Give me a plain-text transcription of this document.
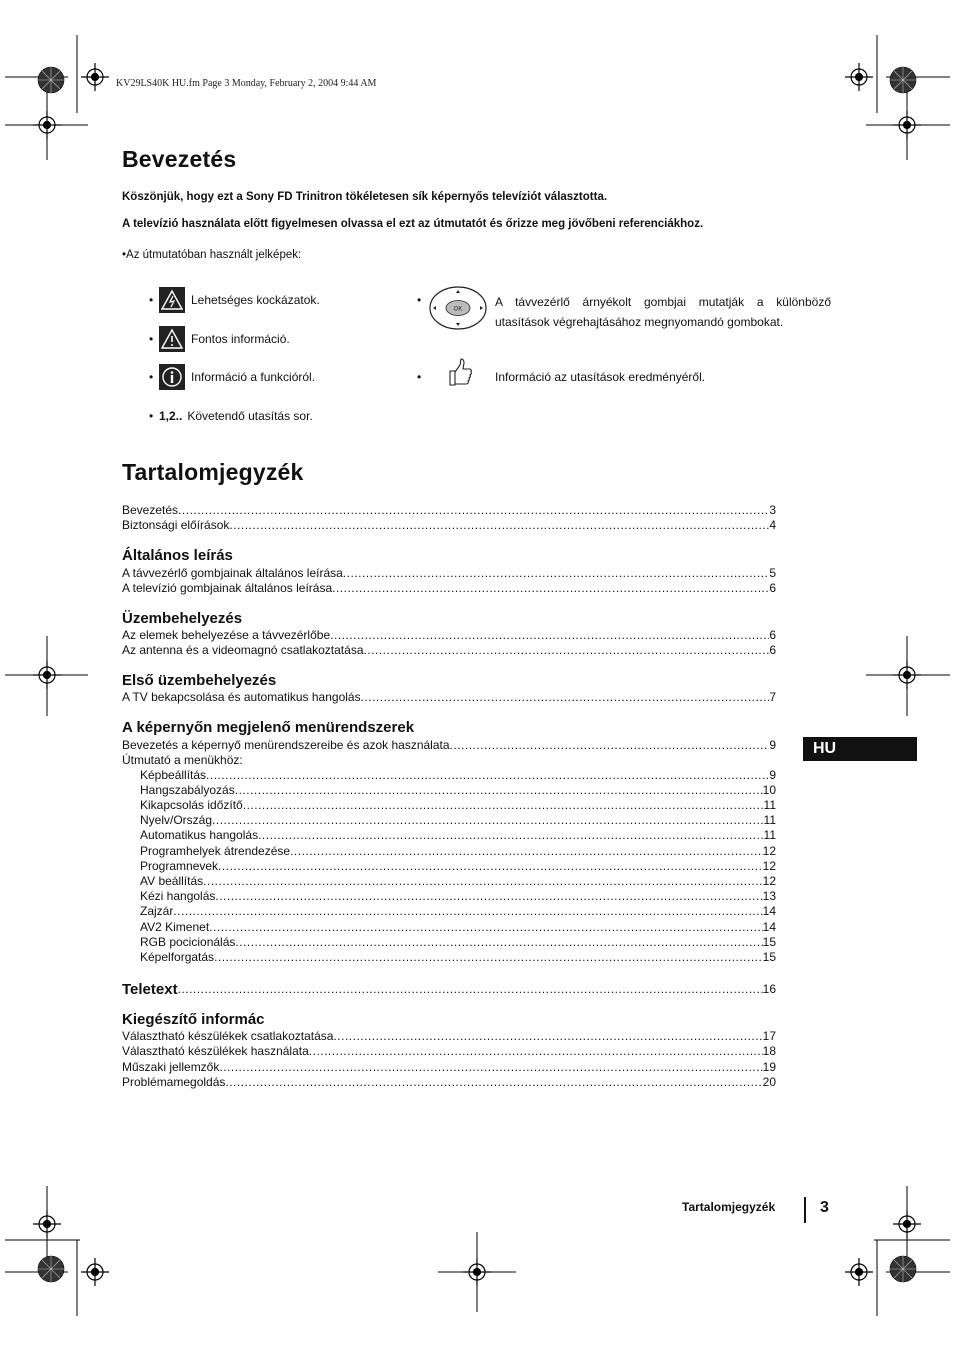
KV29LS40K HU.fm Page 3 Monday, February 2, 2004 9:44 AM
Bevezetés
Köszönjük, hogy ezt a Sony FD Trinitron tökéletesen sík képernyős televíziót választotta.
A televízió használata előtt figyelmesen olvassa el ezt az útmutatót és őrizze meg jövőbeni referenciákhoz.
•Az útmutatóban használt jelképek:
•	Lehetséges kockázatok.
•	Fontos információ.
•	Információ a funkcióról.
• 1,2.. Követendő utasítás sor.
•
OK
A távvezérlő árnyékolt gombjai mutatják a különböző utasítások végrehajtásához megnyomandó gombokat.
•	Információ az utasítások eredményéről.
Tartalomjegyzék
Bevezetés .....	3
Biztonsági előírások .....	4
Általános leírás
A távvezérlő gombjainak általános leírása .....	5
A televízió gombjainak általános leírása .....	6
Üzembehelyezés
Az elemek behelyezése a távvezérlőbe .....	6
Az antenna és a videomagnó csatlakoztatása .....	6
Első üzembehelyezés
A TV bekapcsolása és automatikus hangolás .....	7
A képernyőn megjelenő menürendszerek
Bevezetés a képernyő menürendszereibe és azok használata .....	9
Útmutató a menükhöz:
Képbeállítás .....	9
Hangszabályozás .....	10
Kikapcsolás időzítő .....	11
Nyelv/Ország .....	11
Automatikus hangolás .....	11
Programhelyek átrendezése .....	12
Programnevek .....	12
AV beállítás .....	12
Kézi hangolás .....	13
Zajzár .....	14
AV2 Kimenet .....	14
RGB pocicionálás .....	15
Képelforgatás .....	15
Teletext .....	16
Kiegészítő informác
Választható készülékek csatlakoztatása .....	17
Választható készülékek használata .....	18
Műszaki jellemzők .....	19
Problémamegoldás .....	20
HU
Tartalomjegyzék	3
